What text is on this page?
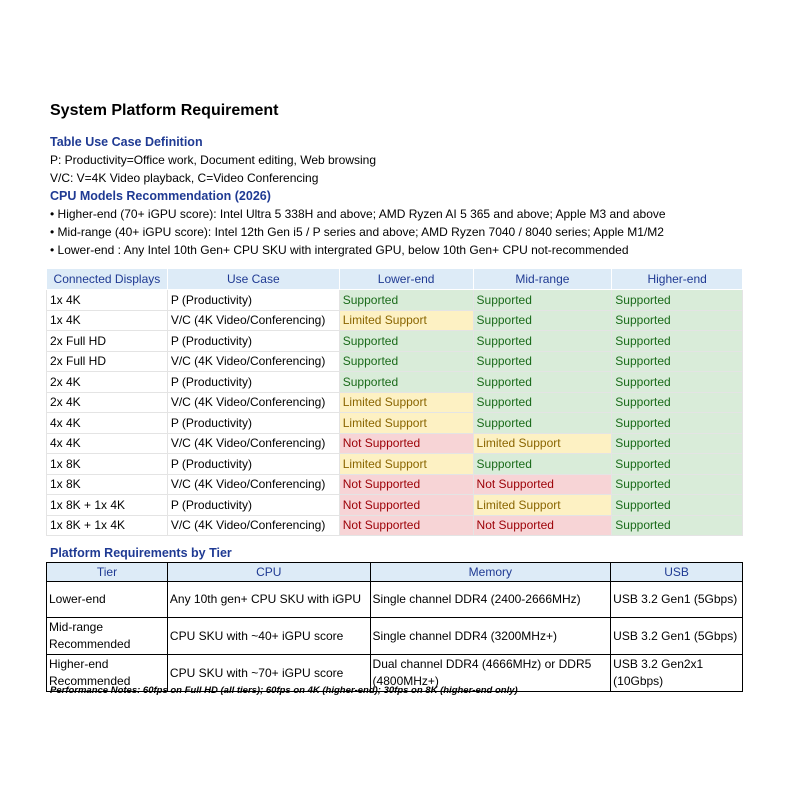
System Platform Requirement
Table Use Case Definition
P: Productivity=Office work, Document editing, Web browsing
V/C: V=4K Video playback, C=Video Conferencing
CPU Models Recommendation (2026)
• Higher-end (70+ iGPU score): Intel Ultra 5 338H and above; AMD Ryzen AI 5 365 and above; Apple M3 and above
• Mid-range (40+ iGPU score): Intel 12th Gen i5 / P series and above; AMD Ryzen 7040 / 8040 series; Apple M1/M2
• Lower-end : Any Intel 10th Gen+ CPU SKU with intergrated GPU, below 10th Gen+ CPU not-recommended
Connected Displays	Use Case	Lower-end	Mid-range	Higher-end
1x 4K	P (Productivity)	Supported	Supported	Supported
1x 4K	V/C (4K Video/Conferencing)	Limited Support	Supported	Supported
2x Full HD	P (Productivity)	Supported	Supported	Supported
2x Full HD	V/C (4K Video/Conferencing)	Supported	Supported	Supported
2x 4K	P (Productivity)	Supported	Supported	Supported
2x 4K	V/C (4K Video/Conferencing)	Limited Support	Supported	Supported
4x 4K	P (Productivity)	Limited Support	Supported	Supported
4x 4K	V/C (4K Video/Conferencing)	Not Supported	Limited Support	Supported
1x 8K	P (Productivity)	Limited Support	Supported	Supported
1x 8K	V/C (4K Video/Conferencing)	Not Supported	Not Supported	Supported
1x 8K + 1x 4K	P (Productivity)	Not Supported	Limited Support	Supported
1x 8K + 1x 4K	V/C (4K Video/Conferencing)	Not Supported	Not Supported	Supported
Platform Requirements by Tier
Tier	CPU	Memory	USB
Lower-end	Any 10th gen+ CPU SKU with iGPU	Single channel DDR4 (2400-2666MHz)	USB 3.2 Gen1 (5Gbps)
Mid-range Recommended	CPU SKU with ~40+ iGPU score	Single channel DDR4 (3200MHz+)	USB 3.2 Gen1 (5Gbps)
Higher-end Recommended	CPU SKU with ~70+ iGPU score	Dual channel DDR4 (4666MHz) or DDR5 (4800MHz+)	USB 3.2 Gen2x1 (10Gbps)
Performance Notes: 60fps on Full HD (all tiers); 60fps on 4K (higher-end); 30fps on 8K (higher-end only)
